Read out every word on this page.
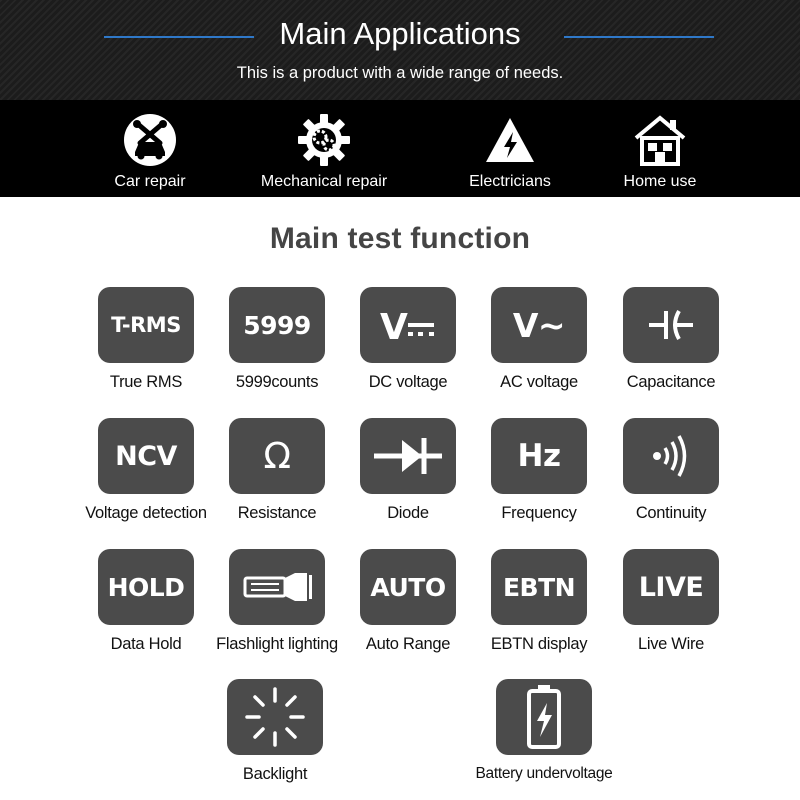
Main Applications
This is a product with a wide range of needs.
Car repair	Mechanical repair	Electricians	Home use
Main test function
T-RMS
True RMS
5999
5999counts
V
DC voltage
V~
AC voltage	Capacitance
NCV
Voltage detection
Ω
Resistance	Diode
Hz
Frequency	Continuity
HOLD
Data Hold	Flashlight lighting
AUTO
Auto Range
EBTN
EBTN display
LIVE
Live Wire
Backlight	Battery undervoltage
